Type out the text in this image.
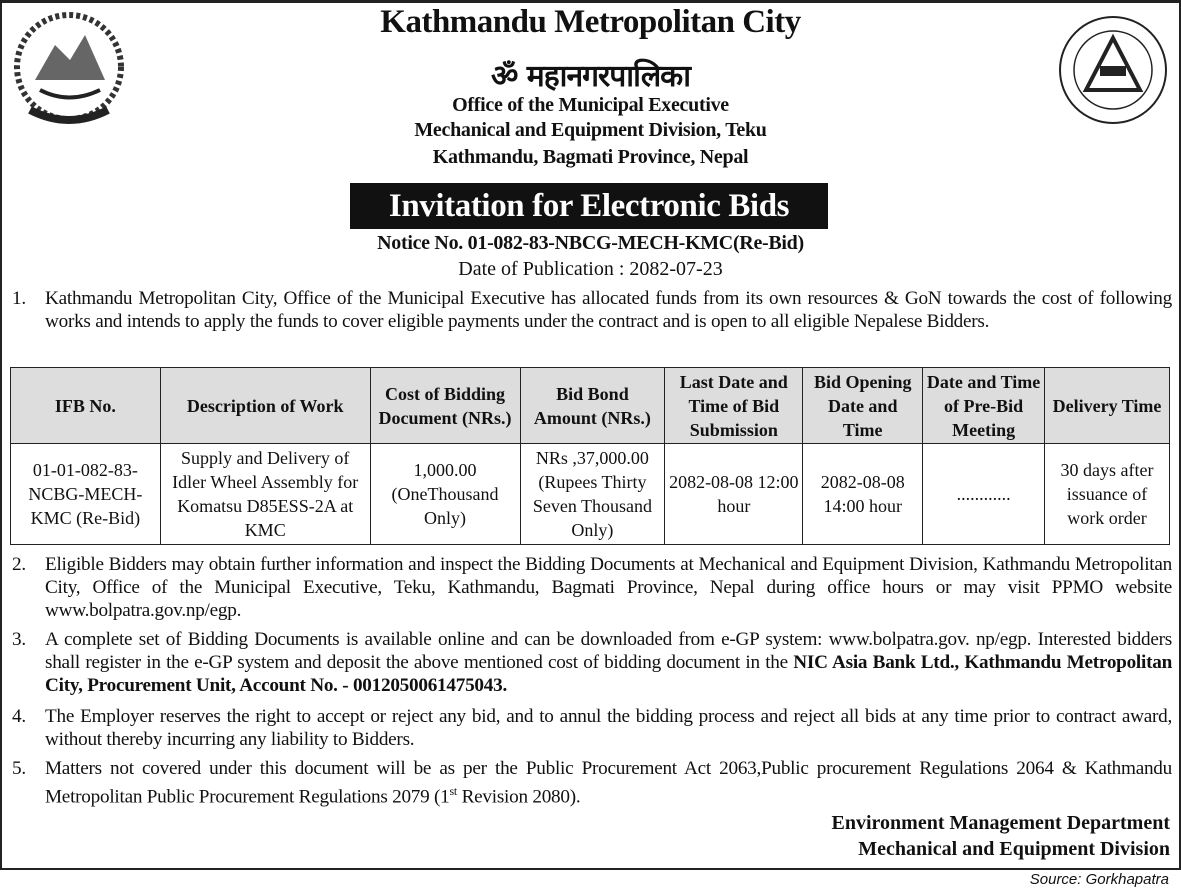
Kathmandu Metropolitan City
ॐ महानगरपालिका
Office of the Municipal Executive
Mechanical and Equipment Division, Teku
Kathmandu, Bagmati Province, Nepal
Invitation for Electronic Bids
Notice No. 01-082-83-NBCG-MECH-KMC(Re-Bid)
Date of Publication : 2082-07-23
1. Kathmandu Metropolitan City, Office of the Municipal Executive has allocated funds from its own resources & GoN towards the cost of following works and intends to apply the funds to cover eligible payments under the contract and is open to all eligible Nepalese Bidders.
IFB No.	Description of Work	Cost of Bidding Document (NRs.)	Bid Bond Amount (NRs.)	Last Date and Time of Bid Submission	Bid Opening Date and Time	Date and Time of Pre-Bid Meeting	Delivery Time
01-01-082-83-NCBG-MECH-KMC (Re-Bid)	Supply and Delivery of Idler Wheel Assembly for Komatsu D85ESS-2A at KMC	1,000.00 (OneThousand Only)	NRs ,37,000.00 (Rupees Thirty Seven Thousand Only)	2082-08-08 12:00 hour	2082-08-08 14:00 hour	............	30 days after issuance of work order
2. Eligible Bidders may obtain further information and inspect the Bidding Documents at Mechanical and Equipment Division, Kathmandu Metropolitan City, Office of the Municipal Executive, Teku, Kathmandu, Bagmati Province, Nepal during office hours or may visit PPMO website www.bolpatra.gov.np/egp.
3. A complete set of Bidding Documents is available online and can be downloaded from e-GP system: www.bolpatra.gov. np/egp. Interested bidders shall register in the e-GP system and deposit the above mentioned cost of bidding document in the NIC Asia Bank Ltd., Kathmandu Metropolitan City, Procurement Unit, Account No. - 0012050061475043.
4. The Employer reserves the right to accept or reject any bid, and to annul the bidding process and reject all bids at any time prior to contract award, without thereby incurring any liability to Bidders.
5. Matters not covered under this document will be as per the Public Procurement Act 2063,Public procurement Regulations 2064 & Kathmandu Metropolitan Public Procurement Regulations 2079 (1st Revision 2080).
Environment Management Department
Mechanical and Equipment Division
Source: Gorkhapatra
